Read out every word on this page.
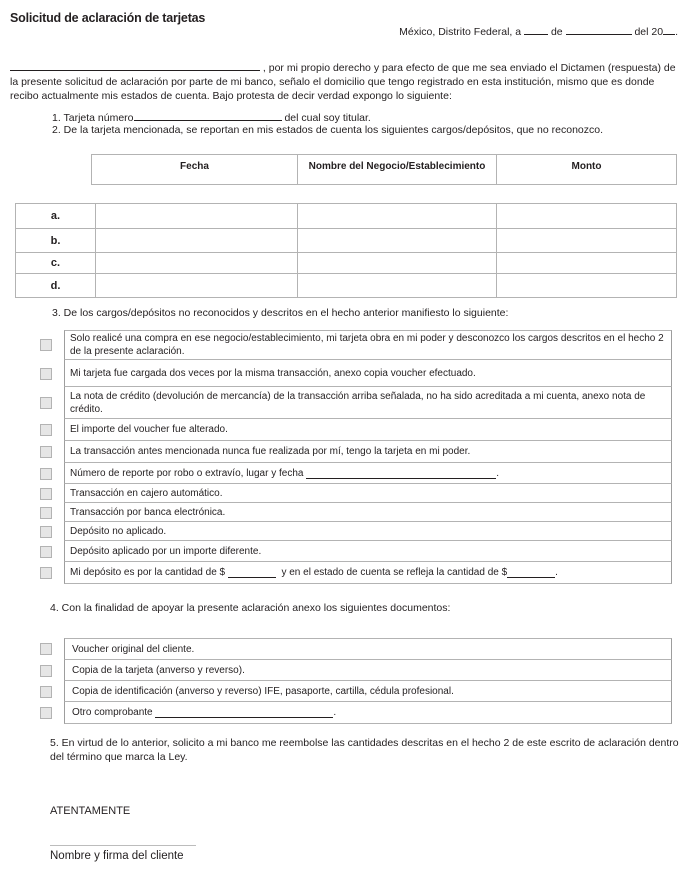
Solicitud de aclaración de tarjetas
México, Distrito Federal, a	de	del 20 .
, por mi propio derecho y para efecto de que me sea enviado el Dictamen (respuesta) de la presente solicitud de aclaración por parte de mi banco, señalo el domicilio que tengo registrado en esta institución, mismo que es donde recibo actualmente mis estados de cuenta. Bajo protesta de decir verdad expongo lo siguiente:
1. Tarjeta número	del cual soy titular.
2. De la tarjeta mencionada, se reportan en mis estados de cuenta los siguientes cargos/depósitos, que no reconozco.
Fecha	Nombre del Negocio/Establecimiento	Monto
a.
b.
c.
d.
3. De los cargos/depósitos no reconocidos y descritos en el hecho anterior manifiesto lo siguiente:
Solo realicé una compra en ese negocio/establecimiento, mi tarjeta obra en mi poder y desconozco los cargos descritos en el hecho 2 de la presente aclaración.
Mi tarjeta fue cargada dos veces por la misma transacción, anexo copia voucher efectuado.
La nota de crédito (devolución de mercancía) de la transacción arriba señalada, no ha sido acreditada a mi cuenta, anexo nota de crédito.
El importe del voucher fue alterado.
La transacción antes mencionada nunca fue realizada por mí, tengo la tarjeta en mi poder.
Número de reporte por robo o extravío, lugar y fecha
	.
Transacción en cajero automático.
Transacción por banca electrónica.
Depósito no aplicado.
Depósito aplicado por un importe diferente.
Mi depósito es por la cantidad de $

	y en el estado de cuenta se refleja la cantidad de $	.
4. Con la finalidad de apoyar la presente aclaración anexo los siguientes documentos:
Voucher original del cliente.
Copia de la tarjeta (anverso y reverso).
Copia de identificación (anverso y reverso) IFE, pasaporte, cartilla, cédula profesional.
Otro comprobante
	.
5. En virtud de lo anterior, solicito a mi banco me reembolse las cantidades descritas en el hecho 2 de este escrito de aclaración dentro del término que marca la Ley.
ATENTAMENTE
Nombre y firma del cliente
